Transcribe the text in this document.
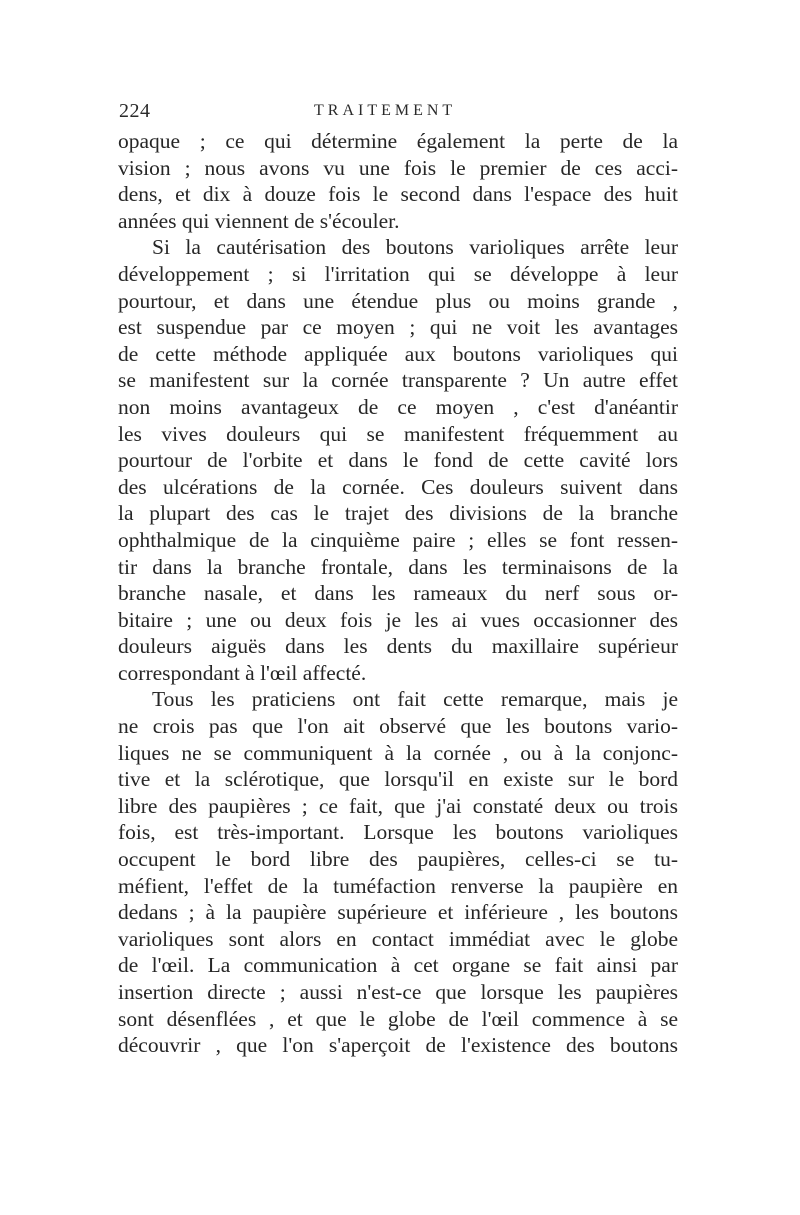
224	TRAITEMENT
opaque ; ce qui détermine également la perte de la
vision ; nous avons vu une fois le premier de ces acci-
dens, et dix à douze fois le second dans l'espace des huit
années qui viennent de s'écouler.
Si la cautérisation des boutons varioliques arrête leur
développement ; si l'irritation qui se développe à leur
pourtour, et dans une étendue plus ou moins grande ,
est suspendue par ce moyen ; qui ne voit les avantages
de cette méthode appliquée aux boutons varioliques qui
se manifestent sur la cornée transparente ? Un autre effet
non moins avantageux de ce moyen , c'est d'anéantir
les vives douleurs qui se manifestent fréquemment au
pourtour de l'orbite et dans le fond de cette cavité lors
des ulcérations de la cornée. Ces douleurs suivent dans
la plupart des cas le trajet des divisions de la branche
ophthalmique de la cinquième paire ; elles se font ressen-
tir dans la branche frontale, dans les terminaisons de la
branche nasale, et dans les rameaux du nerf sous or-
bitaire ; une ou deux fois je les ai vues occasionner des
douleurs aiguës dans les dents du maxillaire supérieur
correspondant à l'œil affecté.
Tous les praticiens ont fait cette remarque, mais je
ne crois pas que l'on ait observé que les boutons vario-
liques ne se communiquent à la cornée , ou à la conjonc-
tive et la sclérotique, que lorsqu'il en existe sur le bord
libre des paupières ; ce fait, que j'ai constaté deux ou trois
fois, est très-important. Lorsque les boutons varioliques
occupent le bord libre des paupières, celles-ci se tu-
méfient, l'effet de la tuméfaction renverse la paupière en
dedans ; à la paupière supérieure et inférieure , les boutons
varioliques sont alors en contact immédiat avec le globe
de l'œil. La communication à cet organe se fait ainsi par
insertion directe ; aussi n'est-ce que lorsque les paupières
sont désenflées , et que le globe de l'œil commence à se
découvrir , que l'on s'aperçoit de l'existence des boutons
